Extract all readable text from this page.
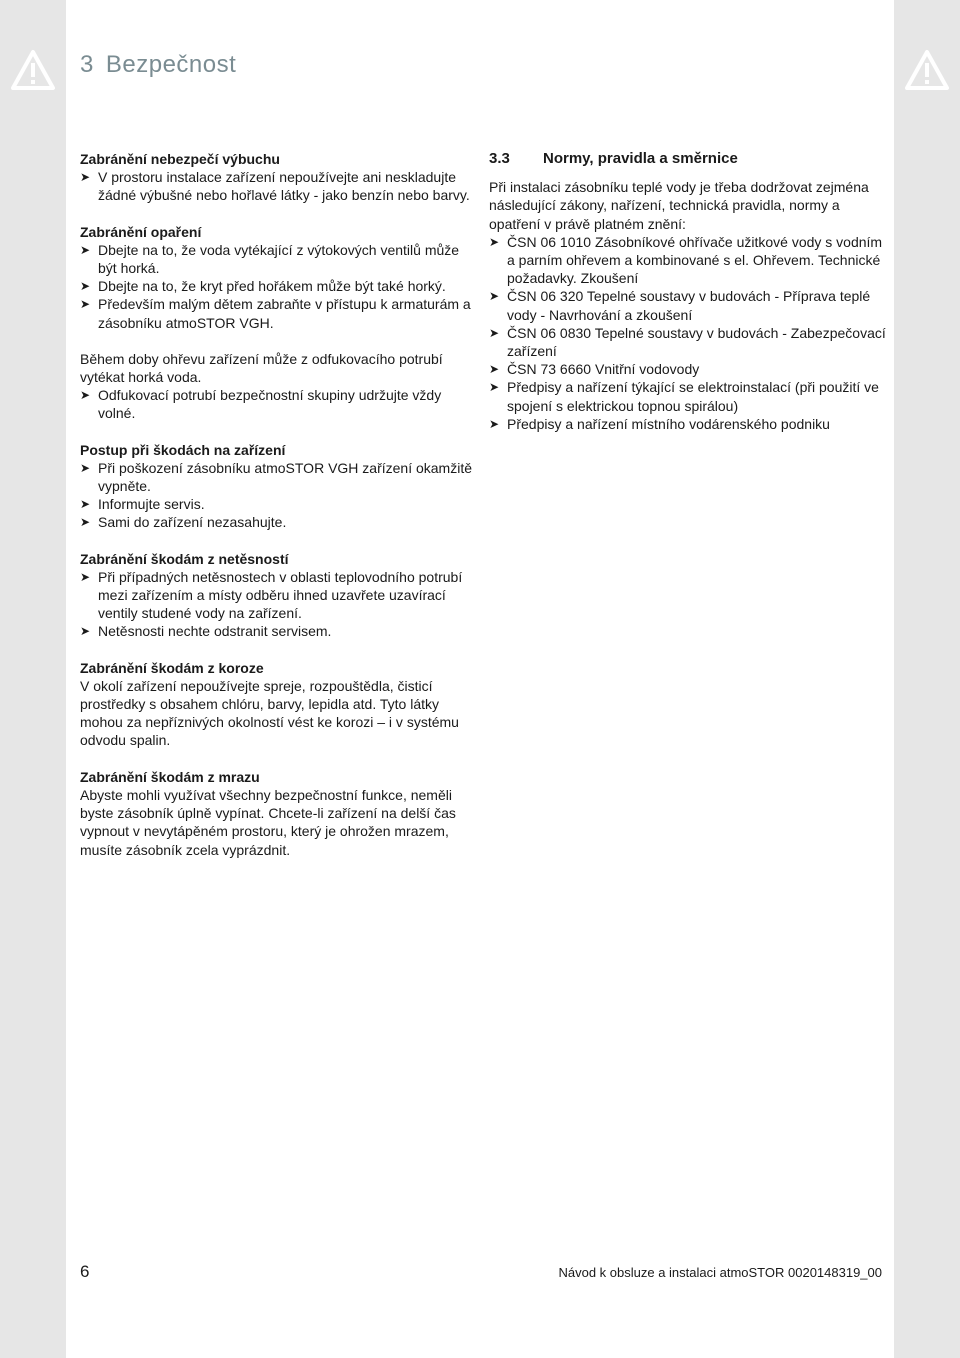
3 Bezpečnost

Zabránění nebezpečí výbuchu

➤ V prostoru instalace zařízení nepoužívejte ani neskladujte žádné výbušné nebo hořlavé látky - jako benzín nebo barvy.

Zabránění opaření

➤ Dbejte na to, že voda vytékající z výtokových ventilů může být horká.
➤ Dbejte na to, že kryt před hořákem může být také horký.
➤ Především malým dětem zabraňte v přístupu k armaturám a zásobníku atmoSTOR VGH.

Během doby ohřevu zařízení může z odfukovacího potrubí vytékat horká voda.

➤ Odfukovací potrubí bezpečnostní skupiny udržujte vždy volné.

Postup při škodách na zařízení

➤ Při poškození zásobníku atmoSTOR VGH zařízení okamžitě vypněte.
➤ Informujte servis.
➤ Sami do zařízení nezasahujte.

Zabránění škodám z netěsností

➤ Při případných netěsnostech v oblasti teplovodního potrubí mezi zařízením a místy odběru ihned uzavřete uzavírací ventily studené vody na zařízení.
➤ Netěsnosti nechte odstranit servisem.

Zabránění škodám z koroze

V okolí zařízení nepoužívejte spreje, rozpouštědla, čisticí prostředky s obsahem chlóru, barvy, lepidla atd. Tyto látky mohou za nepříznivých okolností vést ke korozi – i v systému odvodu spalin.

Zabránění škodám z mrazu

Abyste mohli využívat všechny bezpečnostní funkce, neměli byste zásobník úplně vypínat. Chcete-li zařízení na delší čas vypnout v nevytápěném prostoru, který je ohrožen mrazem, musíte zásobník zcela vyprázdnit.

3.3 Normy, pravidla a směrnice

Při instalaci zásobníku teplé vody je třeba dodržovat zejména následující zákony, nařízení, technická pravidla, normy a opatření v právě platném znění:

➤ ČSN 06 1010 Zásobníkové ohřívače užitkové vody s vodním a parním ohřevem a kombinované s el. Ohřevem. Technické požadavky. Zkoušení
➤ ČSN 06 320 Tepelné soustavy v budovách - Příprava teplé vody - Navrhování a zkoušení
➤ ČSN 06 0830 Tepelné soustavy v budovách - Zabezpečovací zařízení
➤ ČSN 73 6660 Vnitřní vodovody
➤ Předpisy a nařízení týkající se elektroinstalací (při použití ve spojení s elektrickou topnou spirálou)
➤ Předpisy a nařízení místního vodárenského podniku
6	Návod k obsluze a instalaci atmoSTOR 0020148319_00
